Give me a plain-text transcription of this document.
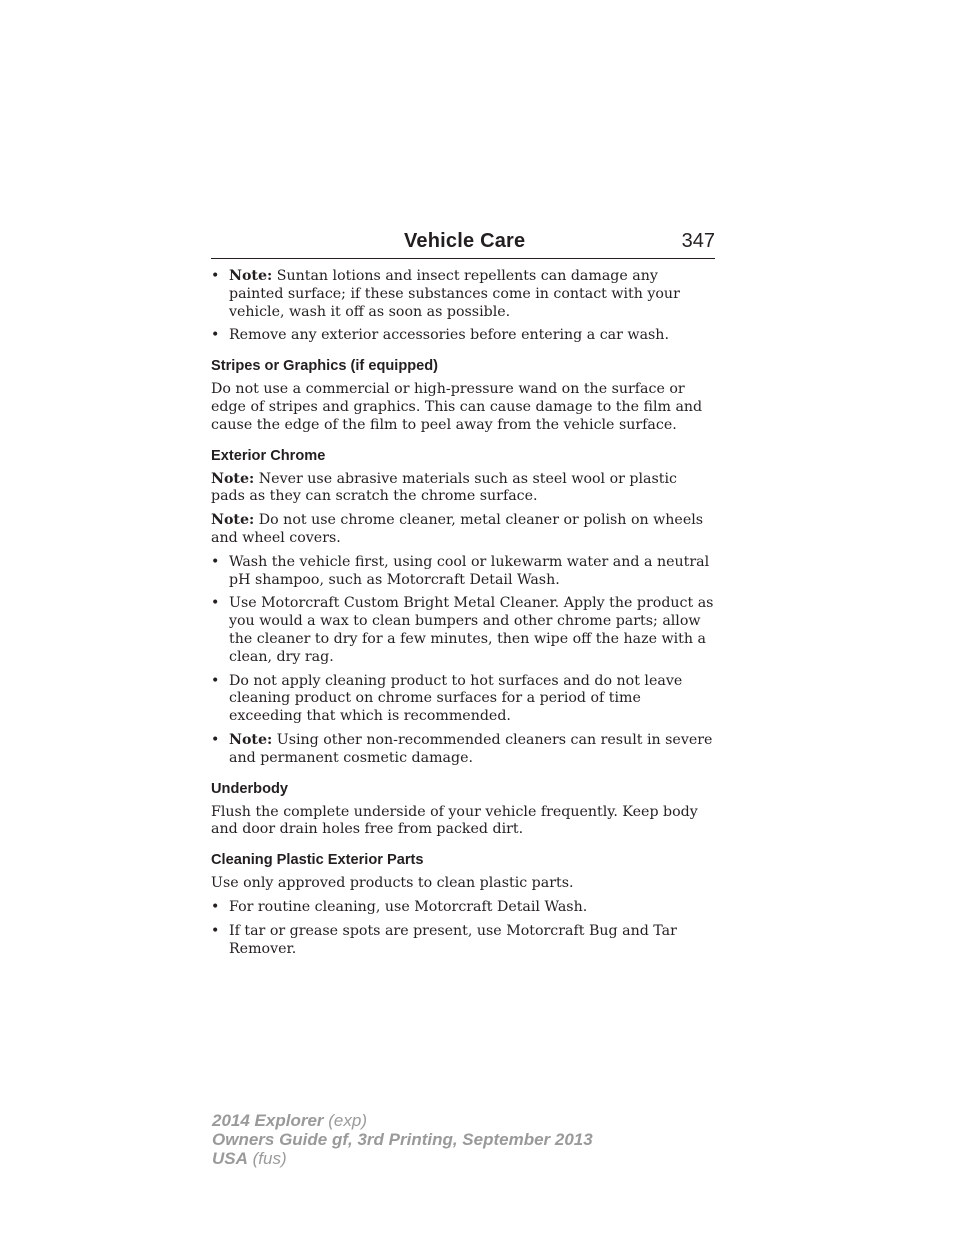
Vehicle Care	347
• Note: Suntan lotions and insect repellents can damage any painted surface; if these substances come in contact with your vehicle, wash it off as soon as possible.
• Remove any exterior accessories before entering a car wash.
Stripes or Graphics (if equipped)

Do not use a commercial or high-pressure wand on the surface or edge of stripes and graphics. This can cause damage to the film and cause the edge of the film to peel away from the vehicle surface.

Exterior Chrome

Note: Never use abrasive materials such as steel wool or plastic pads as they can scratch the chrome surface.

Note: Do not use chrome cleaner, metal cleaner or polish on wheels and wheel covers.

• Wash the vehicle first, using cool or lukewarm water and a neutral pH shampoo, such as Motorcraft Detail Wash.
• Use Motorcraft Custom Bright Metal Cleaner. Apply the product as you would a wax to clean bumpers and other chrome parts; allow the cleaner to dry for a few minutes, then wipe off the haze with a clean, dry rag.
• Do not apply cleaning product to hot surfaces and do not leave cleaning product on chrome surfaces for a period of time exceeding that which is recommended.
• Note: Using other non-recommended cleaners can result in severe and permanent cosmetic damage.
Underbody

Flush the complete underside of your vehicle frequently. Keep body and door drain holes free from packed dirt.

Cleaning Plastic Exterior Parts

Use only approved products to clean plastic parts.

• For routine cleaning, use Motorcraft Detail Wash.
• If tar or grease spots are present, use Motorcraft Bug and Tar Remover.
2014 Explorer (exp)
Owners Guide gf, 3rd Printing, September 2013
USA (fus)
